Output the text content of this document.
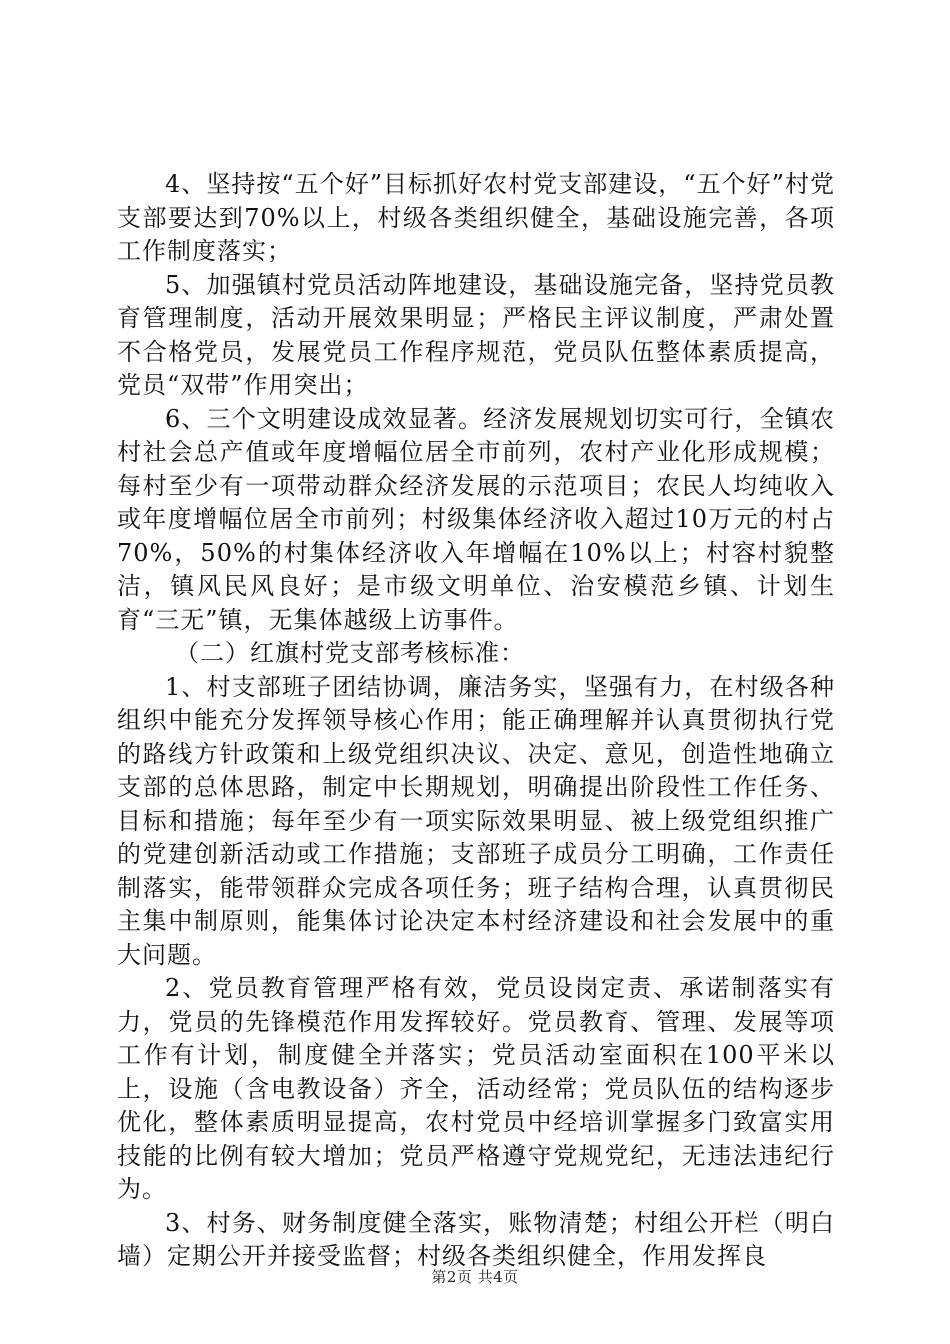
4、坚持按“五个好”目标抓好农村党支部建设，“五个好”村党支部要达到70%以上，村级各类组织健全，基础设施完善，各项工作制度落实；

5、加强镇村党员活动阵地建设，基础设施完备，坚持党员教育管理制度，活动开展效果明显；严格民主评议制度，严肃处置不合格党员，发展党员工作程序规范，党员队伍整体素质提高，党员“双带”作用突出；

6、三个文明建设成效显著。经济发展规划切实可行，全镇农村社会总产值或年度增幅位居全市前列，农村产业化形成规模；每村至少有一项带动群众经济发展的示范项目；农民人均纯收入或年度增幅位居全市前列；村级集体经济收入超过10万元的村占70%，50%的村集体经济收入年增幅在10%以上；村容村貌整洁，镇风民风良好；是市级文明单位、治安模范乡镇、计划生育“三无”镇，无集体越级上访事件。

（二）红旗村党支部考核标准：

1、村支部班子团结协调，廉洁务实，坚强有力，在村级各种组织中能充分发挥领导核心作用；能正确理解并认真贯彻执行党的路线方针政策和上级党组织决议、决定、意见，创造性地确立支部的总体思路，制定中长期规划，明确提出阶段性工作任务、目标和措施；每年至少有一项实际效果明显、被上级党组织推广的党建创新活动或工作措施；支部班子成员分工明确，工作责任制落实，能带领群众完成各项任务；班子结构合理，认真贯彻民主集中制原则，能集体讨论决定本村经济建设和社会发展中的重大问题。

2、党员教育管理严格有效，党员设岗定责、承诺制落实有力，党员的先锋模范作用发挥较好。党员教育、管理、发展等项工作有计划，制度健全并落实；党员活动室面积在100平米以上，设施（含电教设备）齐全，活动经常；党员队伍的结构逐步优化，整体素质明显提高，农村党员中经培训掌握多门致富实用技能的比例有较大增加；党员严格遵守党规党纪，无违法违纪行为。

3、村务、财务制度健全落实，账物清楚；村组公开栏（明白墙）定期公开并接受监督；村级各类组织健全，作用发挥良

第2页 共4页
